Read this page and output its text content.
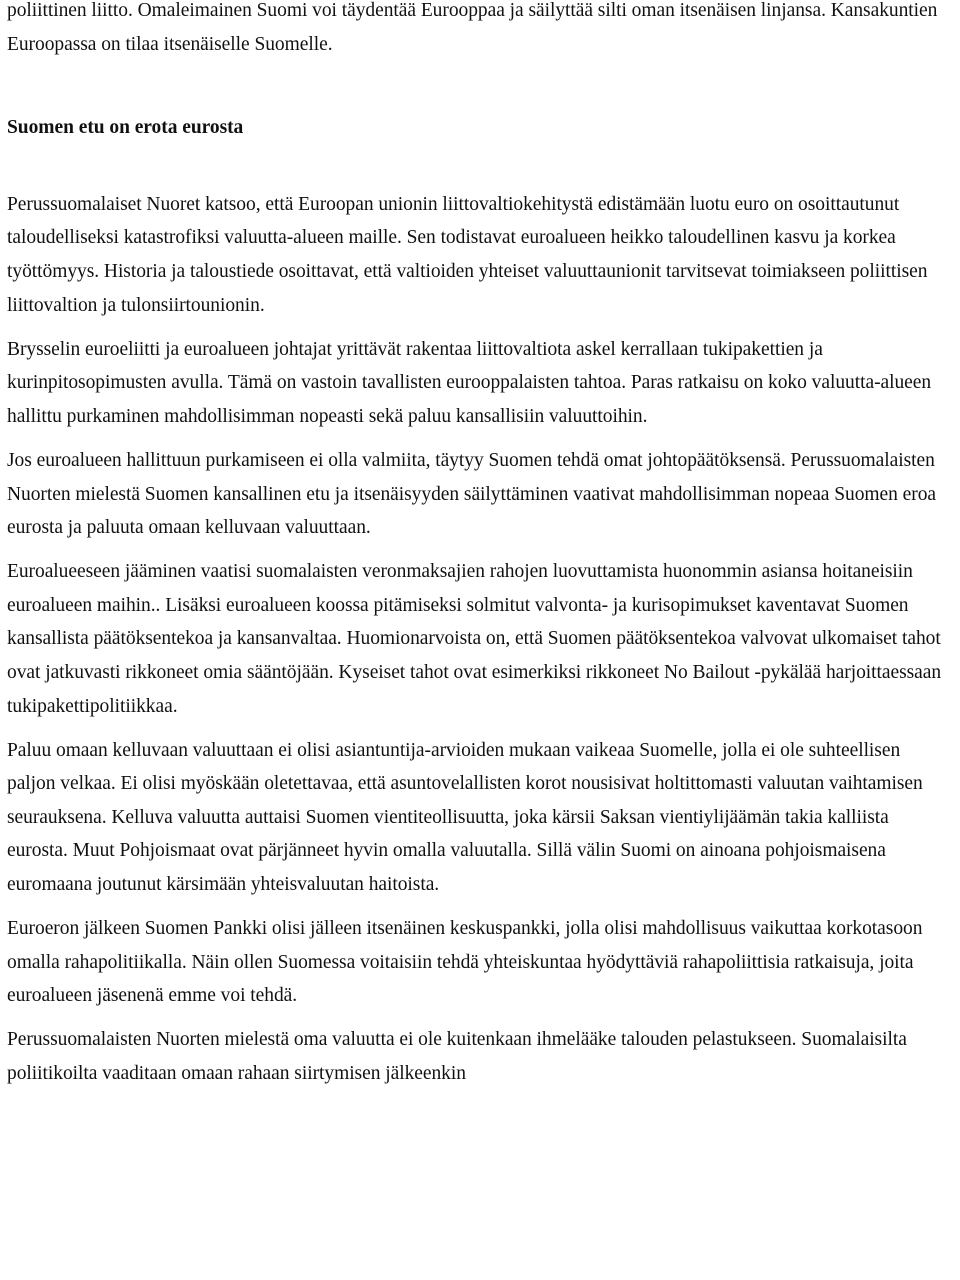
poliittinen liitto. Omaleimainen Suomi voi täydentää Eurooppaa ja säilyttää silti oman itsenäisen linjansa. Kansakuntien Euroopassa on tilaa itsenäiselle Suomelle.

Suomen etu on erota eurosta

Perussuomalaiset Nuoret katsoo, että Euroopan unionin liittovaltiokehitystä edistämään luotu euro on osoittautunut taloudelliseksi katastrofiksi valuutta-alueen maille. Sen todistavat euroalueen heikko taloudellinen kasvu ja korkea työttömyys. Historia ja taloustiede osoittavat, että valtioiden yhteiset valuuttaunionit tarvitsevat toimiakseen poliittisen liittovaltion ja tulonsiirtounionin.

Brysselin euroeliitti ja euroalueen johtajat yrittävät rakentaa liittovaltiota askel kerrallaan tukipakettien ja kurinpitosopimusten avulla. Tämä on vastoin tavallisten eurooppalaisten tahtoa. Paras ratkaisu on koko valuutta-alueen hallittu purkaminen mahdollisimman nopeasti sekä paluu kansallisiin valuuttoihin.

Jos euroalueen hallittuun purkamiseen ei olla valmiita, täytyy Suomen tehdä omat johtopäätöksensä. Perussuomalaisten Nuorten mielestä Suomen kansallinen etu ja itsenäisyyden säilyttäminen vaativat mahdollisimman nopeaa Suomen eroa eurosta ja paluuta omaan kelluvaan valuuttaan.

Euroalueeseen jääminen vaatisi suomalaisten veronmaksajien rahojen luovuttamista huonommin asiansa hoitaneisiin euroalueen maihin.. Lisäksi euroalueen koossa pitämiseksi solmitut valvonta- ja kurisopimukset kaventavat Suomen kansallista päätöksentekoa ja kansanvaltaa. Huomionarvoista on, että Suomen päätöksentekoa valvovat ulkomaiset tahot ovat jatkuvasti rikkoneet omia sääntöjään. Kyseiset tahot ovat esimerkiksi rikkoneet No Bailout -pykälää harjoittaessaan tukipakettipolitiikkaa.

Paluu omaan kelluvaan valuuttaan ei olisi asiantuntija-arvioiden mukaan vaikeaa Suomelle, jolla ei ole suhteellisen paljon velkaa. Ei olisi myöskään oletettavaa, että asuntovelallisten korot nousisivat holtittomasti valuutan vaihtamisen seurauksena. Kelluva valuutta auttaisi Suomen vientiteollisuutta, joka kärsii Saksan vientiylijäämän takia kalliista eurosta. Muut Pohjoismaat ovat pärjänneet hyvin omalla valuutalla. Sillä välin Suomi on ainoana pohjoismaisena euromaana joutunut kärsimään yhteisvaluutan haitoista.

Euroeron jälkeen Suomen Pankki olisi jälleen itsenäinen keskuspankki, jolla olisi mahdollisuus vaikuttaa korkotasoon omalla rahapolitiikalla. Näin ollen Suomessa voitaisiin tehdä yhteiskuntaa hyödyttäviä rahapoliittisia ratkaisuja, joita euroalueen jäsenenä emme voi tehdä.

Perussuomalaisten Nuorten mielestä oma valuutta ei ole kuitenkaan ihmelääke talouden pelastukseen. Suomalaisilta poliitikoilta vaaditaan omaan rahaan siirtymisen jälkeenkin
